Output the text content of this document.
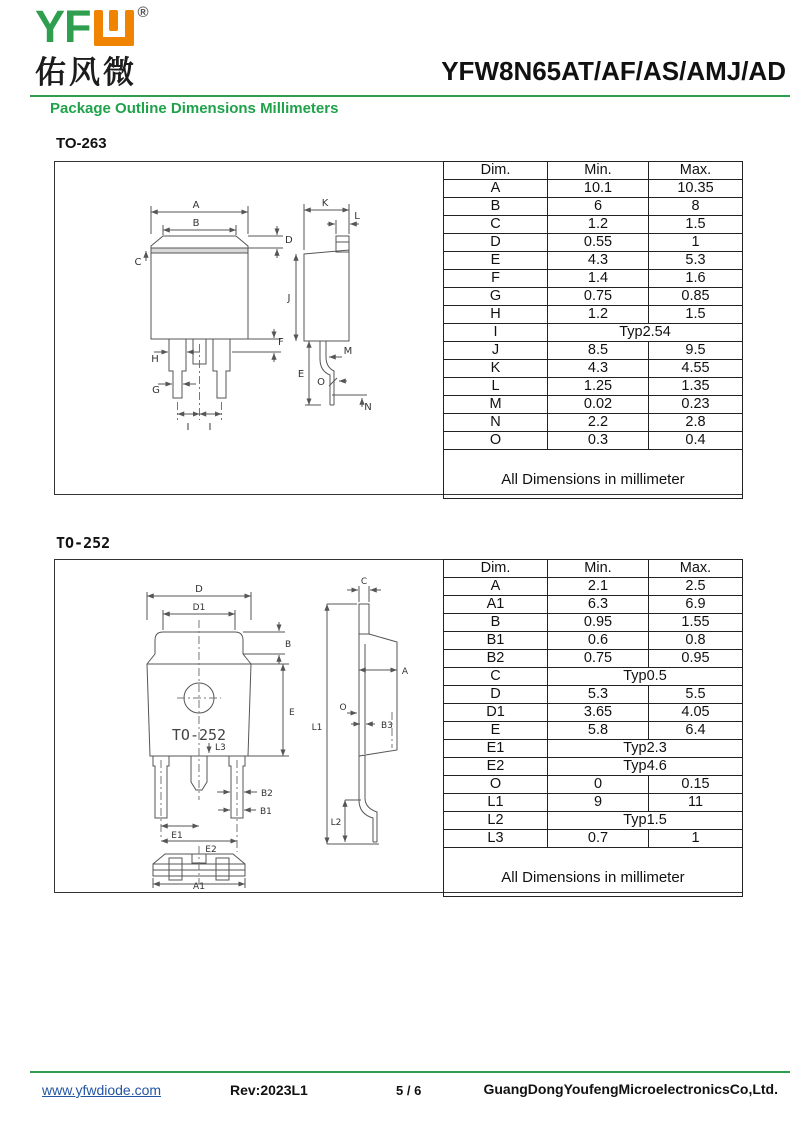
YF	®
佑风微	YFW8N65AT/AF/AS/AMJ/AD
Package Outline Dimensions Millimeters
TO-263
A
B
C
D
F
H
G
I I
K
L
J
E
M
O
N
Dim.	Min.	Max.
A	10.1	10.35
B	6	8
C	1.2	1.5
D	0.55	1
E	4.3	5.3
F	1.4	1.6
G	0.75	0.85
H	1.2	1.5
I	Typ2.54	
J	8.5	9.5
K	4.3	4.55
L	1.25	1.35
M	0.02	0.23
N	2.2	2.8
O	0.3	0.4
All Dimensions in millimeter		
TO-252
D
D1
TO-252
B
E
L3
B2
B1
E1
E2
A1
C
A
O
B3
L1
L2
Dim.	Min.	Max.
A	2.1	2.5
A1	6.3	6.9
B	0.95	1.55
B1	0.6	0.8
B2	0.75	0.95
C	Typ0.5	
D	5.3	5.5
D1	3.65	4.05
E	5.8	6.4
E1	Typ2.3	
E2	Typ4.6	
O	0	0.15
L1	9	11
L2	Typ1.5	
L3	0.7	1
All Dimensions in millimeter		
www.yfwdiode.com	Rev:2023L1	5 / 6	GuangDongYoufengMicroelectronicsCo,Ltd.
